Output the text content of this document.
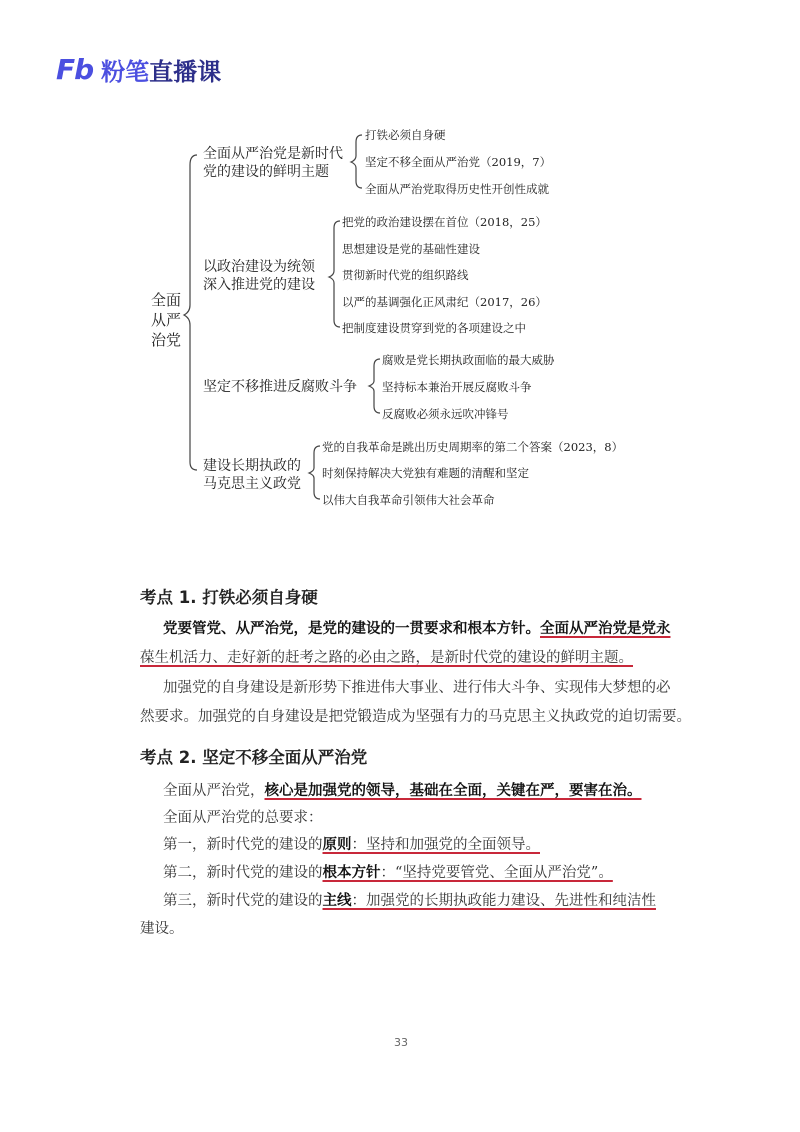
Fb 粉笔直播课
全面
从严
治党
全面从严治党是新时代
党的建设的鲜明主题
打铁必须自身硬
坚定不移全面从严治党（2019，7）
全面从严治党取得历史性开创性成就
以政治建设为统领
深入推进党的建设
把党的政治建设摆在首位（2018，25）
思想建设是党的基础性建设
贯彻新时代党的组织路线
以严的基调强化正风肃纪（2017，26）
把制度建设贯穿到党的各项建设之中
坚定不移推进反腐败斗争
腐败是党长期执政面临的最大威胁
坚持标本兼治开展反腐败斗争
反腐败必须永远吹冲锋号
建设长期执政的
马克思主义政党
党的自我革命是跳出历史周期率的第二个答案（2023，8）
时刻保持解决大党独有难题的清醒和坚定
以伟大自我革命引领伟大社会革命
考点 1. 打铁必须自身硬
党要管党、从严治党，是党的建设的一贯要求和根本方针。全面从严治党是党永
葆生机活力、走好新的赶考之路的必由之路，是新时代党的建设的鲜明主题。
加强党的自身建设是新形势下推进伟大事业、进行伟大斗争、实现伟大梦想的必
然要求。加强党的自身建设是把党锻造成为坚强有力的马克思主义执政党的迫切需要。
考点 2. 坚定不移全面从严治党
全面从严治党，核心是加强党的领导，基础在全面，关键在严，要害在治。
全面从严治党的总要求：
第一，新时代党的建设的原则：坚持和加强党的全面领导。
第二，新时代党的建设的根本方针：“坚持党要管党、全面从严治党”。
第三，新时代党的建设的主线：加强党的长期执政能力建设、先进性和纯洁性
建设。
33
